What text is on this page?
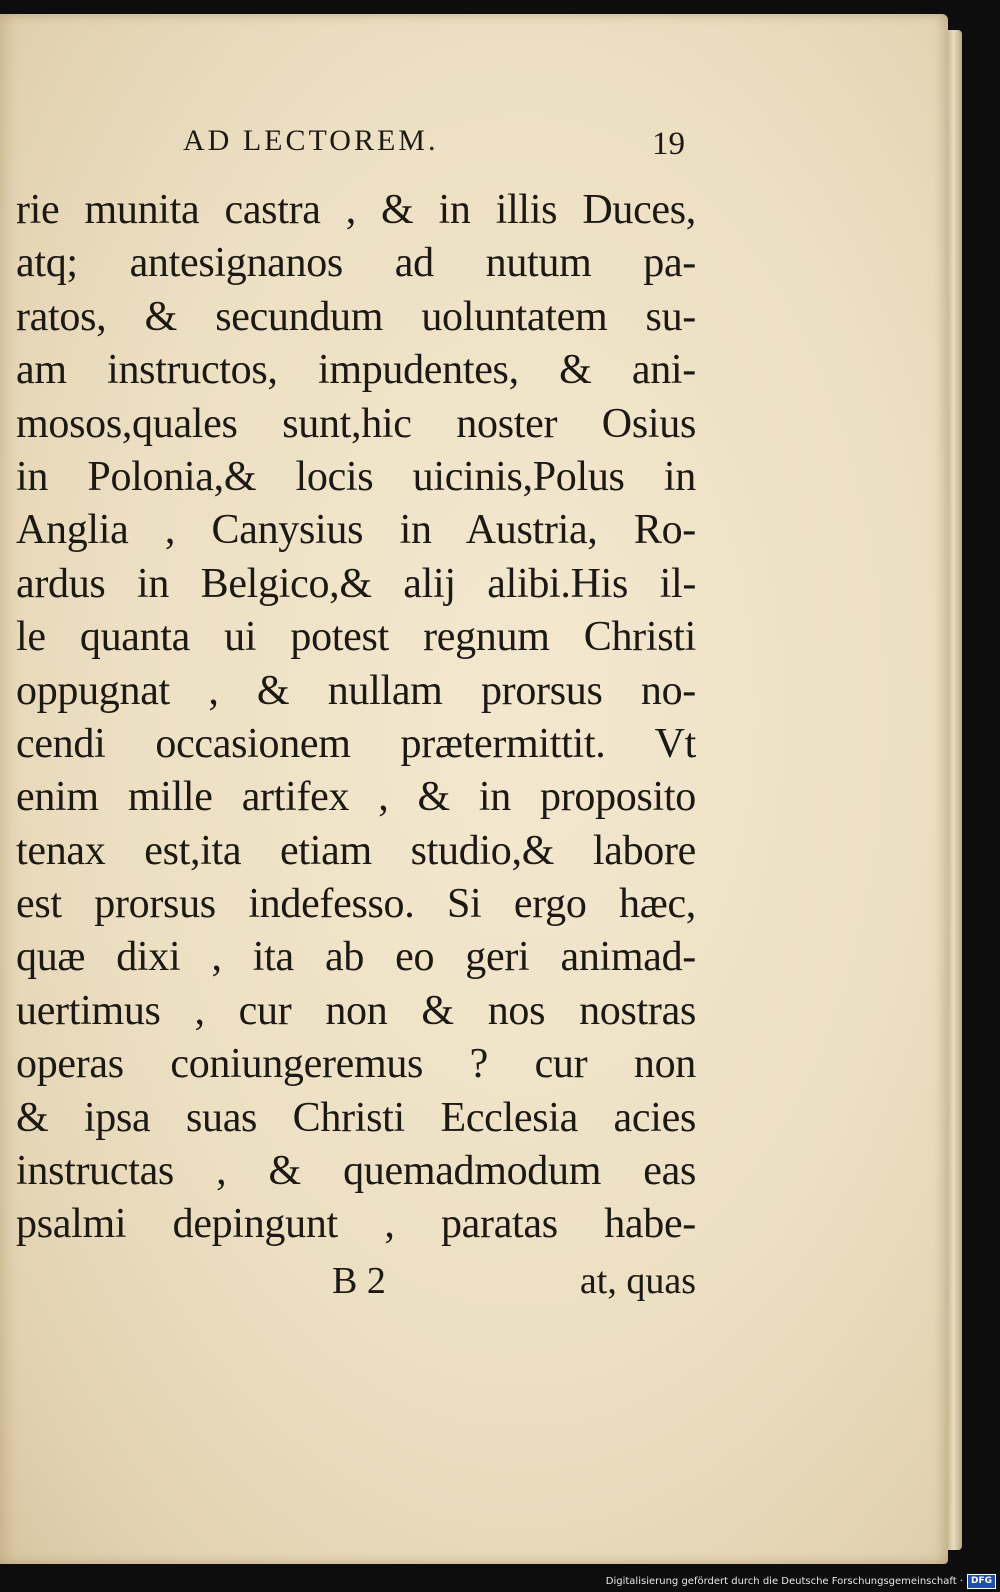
AD LECTOREM.	19
rie munita castra , & in illis Duces,
atq; antesignanos ad nutum pa-
ratos, & secundum uoluntatem su-
am instructos, impudentes, & ani-
mosos,quales sunt,hic noster Osius
in Polonia,& locis uicinis,Polus in
Anglia , Canysius in Austria, Ro-
ardus in Belgico,& alij alibi.His il-
le quanta ui potest regnum Christi
oppugnat , & nullam prorsus no-
cendi occasionem prætermittit. Vt
enim mille artifex , & in proposito
tenax est,ita etiam studio,& labore
est prorsus indefesso. Si ergo hæc,
quæ dixi , ita ab eo geri animad-
uertimus , cur non & nos nostras
operas coniungeremus ? cur non
& ipsa suas Christi Ecclesia acies
instructas , & quemadmodum eas
psalmi depingunt , paratas habe-
B 2	at, quas
Digitalisierung gefördert durch die Deutsche Forschungsgemeinschaft · DFG
